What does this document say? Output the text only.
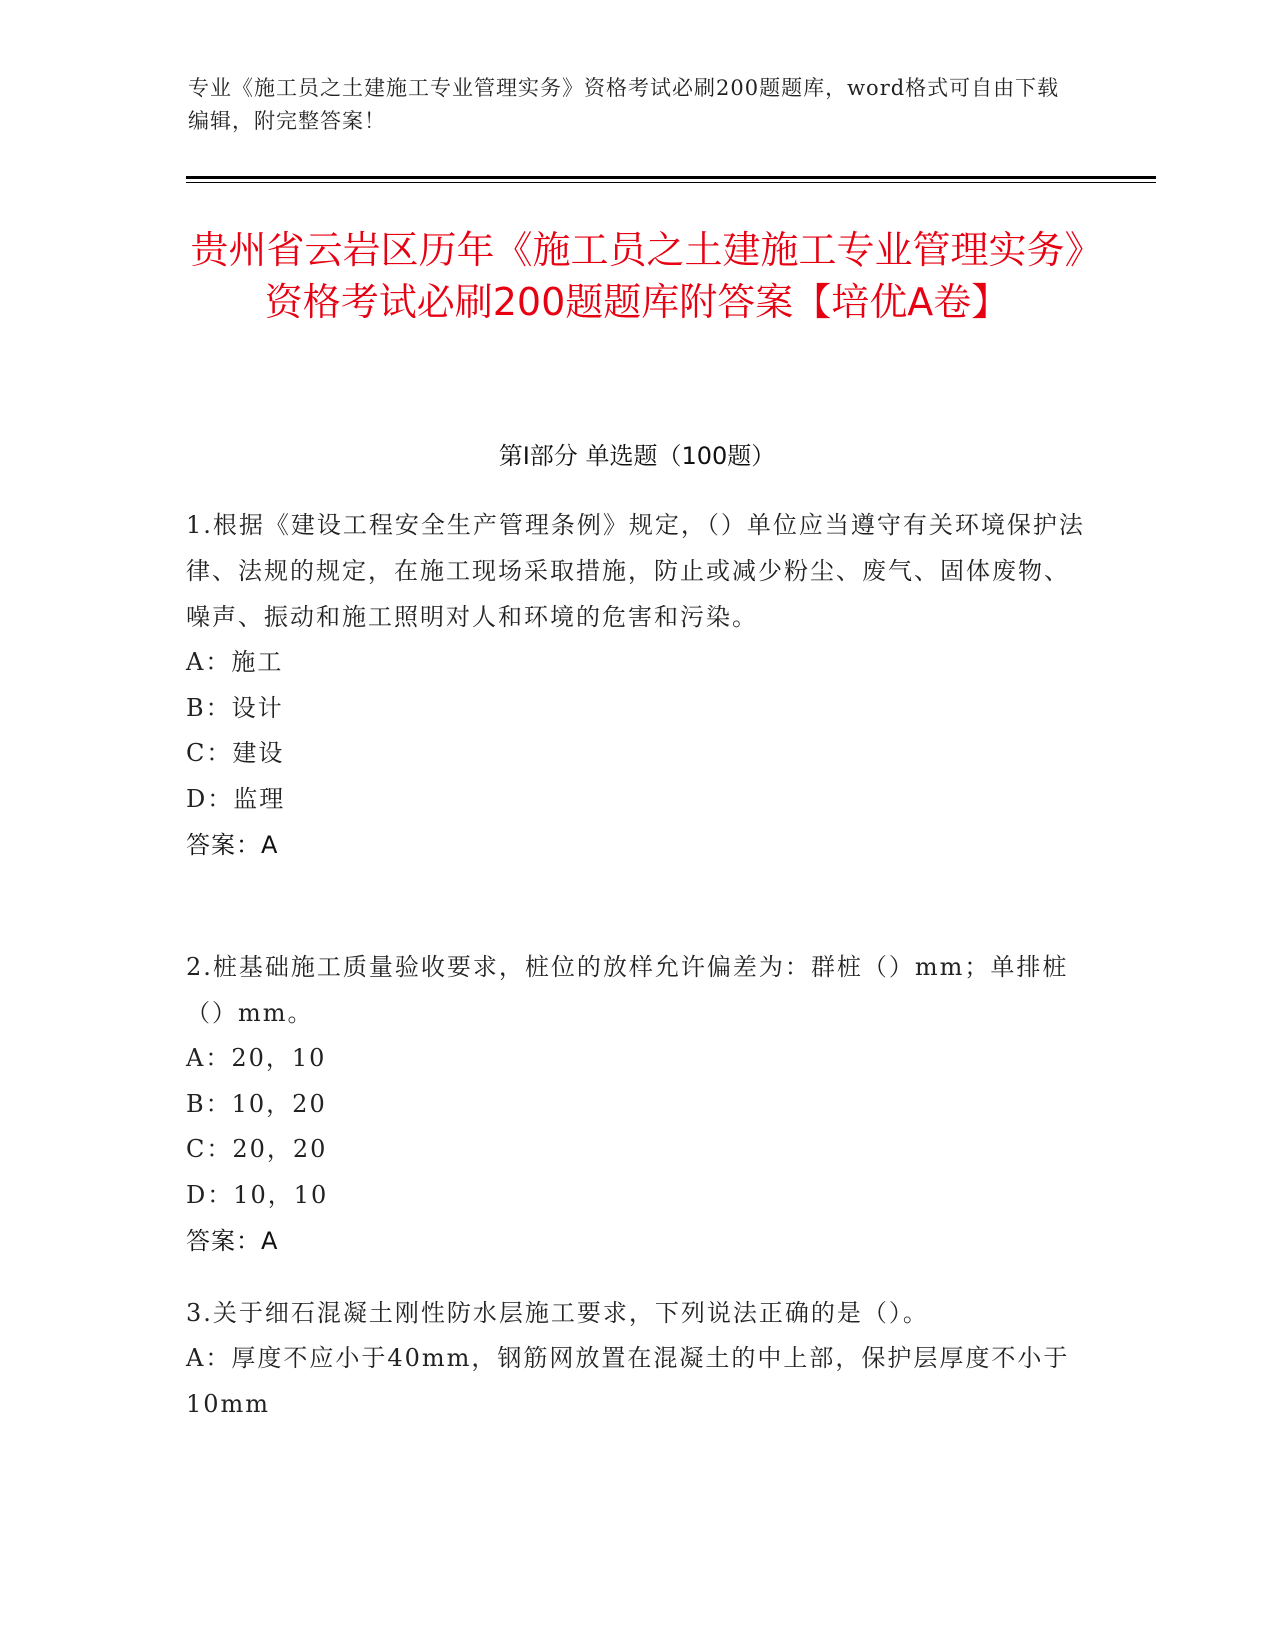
专业《施工员之土建施工专业管理实务》资格考试必刷200题题库，word格式可自由下载编辑，附完整答案！
贵州省云岩区历年《施工员之土建施工专业管理实务》资格考试必刷200题题库附答案【培优A卷】
第Ⅰ部分 单选题（100题）

1.根据《建设工程安全生产管理条例》规定，（）单位应当遵守有关环境保护法律、法规的规定，在施工现场采取措施，防止或减少粉尘、废气、固体废物、噪声、振动和施工照明对人和环境的危害和污染。

A：施工

B：设计

C：建设

D：监理

答案：A

2.桩基础施工质量验收要求，桩位的放样允许偏差为：群桩（）mm；单排桩（）mm。

A：20，10

B：10，20

C：20，20

D：10，10

答案：A

3.关于细石混凝土刚性防水层施工要求，下列说法正确的是（）。

A：厚度不应小于40mm，钢筋网放置在混凝土的中上部，保护层厚度不小于10mm
